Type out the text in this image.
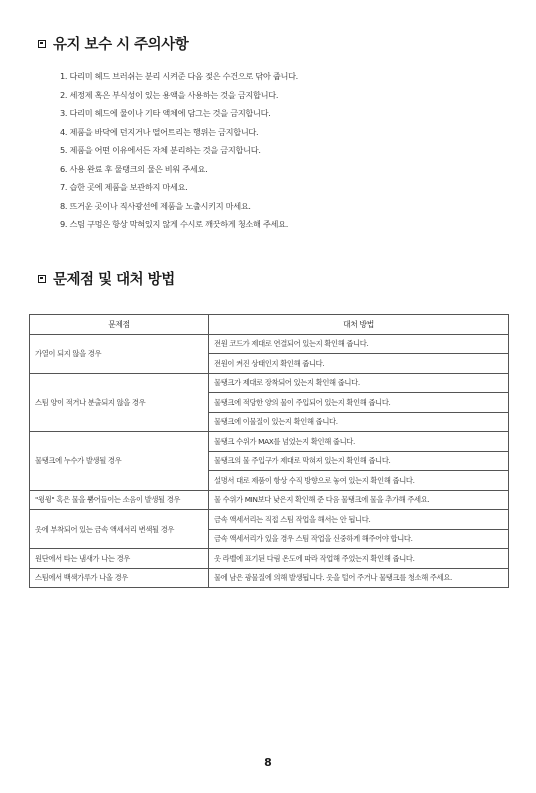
유지 보수 시 주의사항
1. 다리미 헤드 브러쉬는 분리 시켜준 다음 젖은 수건으로 닦아 줍니다.
2. 세정제 혹은 부식성이 있는 용액을 사용하는 것을 금지합니다.
3. 다리미 헤드에 물이나 기타 액체에 담그는 것을 금지합니다.
4. 제품을 바닥에 던지거나 떨어트리는 행위는 금지합니다.
5. 제품을 어떤 이유에서든 자체 분리하는 것을 금지합니다.
6. 사용 완료 후 물탱크의 물은 비워 주세요.
7. 습한 곳에 제품을 보관하지 마세요.
8. 뜨거운 곳이나 직사광선에 제품을 노출시키지 마세요.
9. 스팀 구멍은 항상 막혀있지 않게 수시로 깨끗하게 청소해 주세요.
문제점 및 대처 방법
문제점	대처 방법
가열이 되지 않을 경우	전원 코드가 제대로 연결되어 있는지 확인해 줍니다.
	전원이 켜진 상태인지 확인해 줍니다.
스팀 양이 적거나 분출되지 않을 경우	물탱크가 제대로 장착되어 있는지 확인해 줍니다.
	물탱크에 적당한 양의 물이 주입되어 있는지 확인해 줍니다.
	물탱크에 이물질이 있는지 확인해 줍니다.
물탱크에 누수가 발생될 경우	물탱크 수위가 MAX를 넘었는지 확인해 줍니다.
	물탱크의 물 주입구가 제대로 막혀져 있는지 확인해 줍니다.
	설명서 대로 제품이 항상 수직 방향으로 놓여 있는지 확인해 줍니다.
"윙윙" 혹은 물을 뿜어들이는 소음이 발생될 경우	물 수위가 MIN보다 낮은지 확인해 준 다음 물탱크에 물을 추가해 주세요.
옷에 부착되어 있는 금속 액세서리 변색될 경우	금속 액세서리는 직접 스팀 작업을 해서는 안 됩니다.
	금속 액세서리가 있을 경우 스팀 작업을 신중하게 해주어야 합니다.
원단에서 타는 냄새가 나는 경우	옷 라벨에 표기된 다림 온도에 따라 작업해 주었는지 확인해 줍니다.
스팀에서 백색가루가 나올 경우	물에 남은 광물질에 의해 발생됩니다. 옷을 털어 주거나 물탱크를 청소해 주세요.
8
